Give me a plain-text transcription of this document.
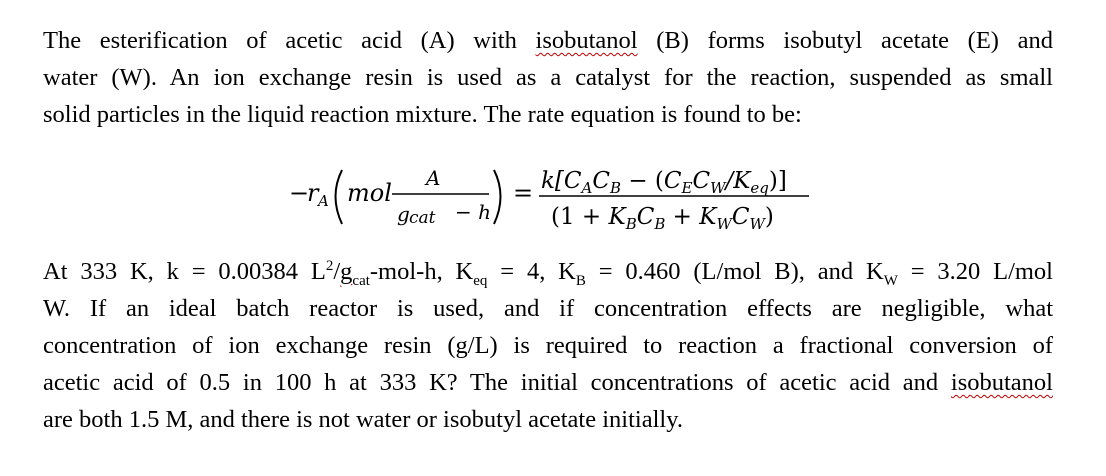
The esterification of acetic acid (A) with isobutanol (B) forms isobutyl acetate (E) and
water (W). An ion exchange resin is used as a catalyst for the reaction, suspended as small
solid particles in the liquid reaction mixture. The rate equation is found to be:

−
r A mol
A
g cat − h
= $k[C_AC_B - (C_EC_W/K_{eq})]$
$(1 + K_BC_B + K_WC_W)$

At 333 K, k = 0.00384 $L^2/g_{cat}-mol-h$, $K_{eq} = 4$, $K_B = 0.460$ (L/mol B), and $K_W = 3.20$ L/mol
W. If an ideal batch reactor is used, and if concentration effects are negligible, what
concentration of ion exchange resin (g/L) is required to reaction a fractional conversion of
acetic acid of 0.5 in 100 h at 333 K? The initial concentrations of acetic acid and isobutanol
are both 1.5 M, and there is not water or isobutyl acetate initially.
